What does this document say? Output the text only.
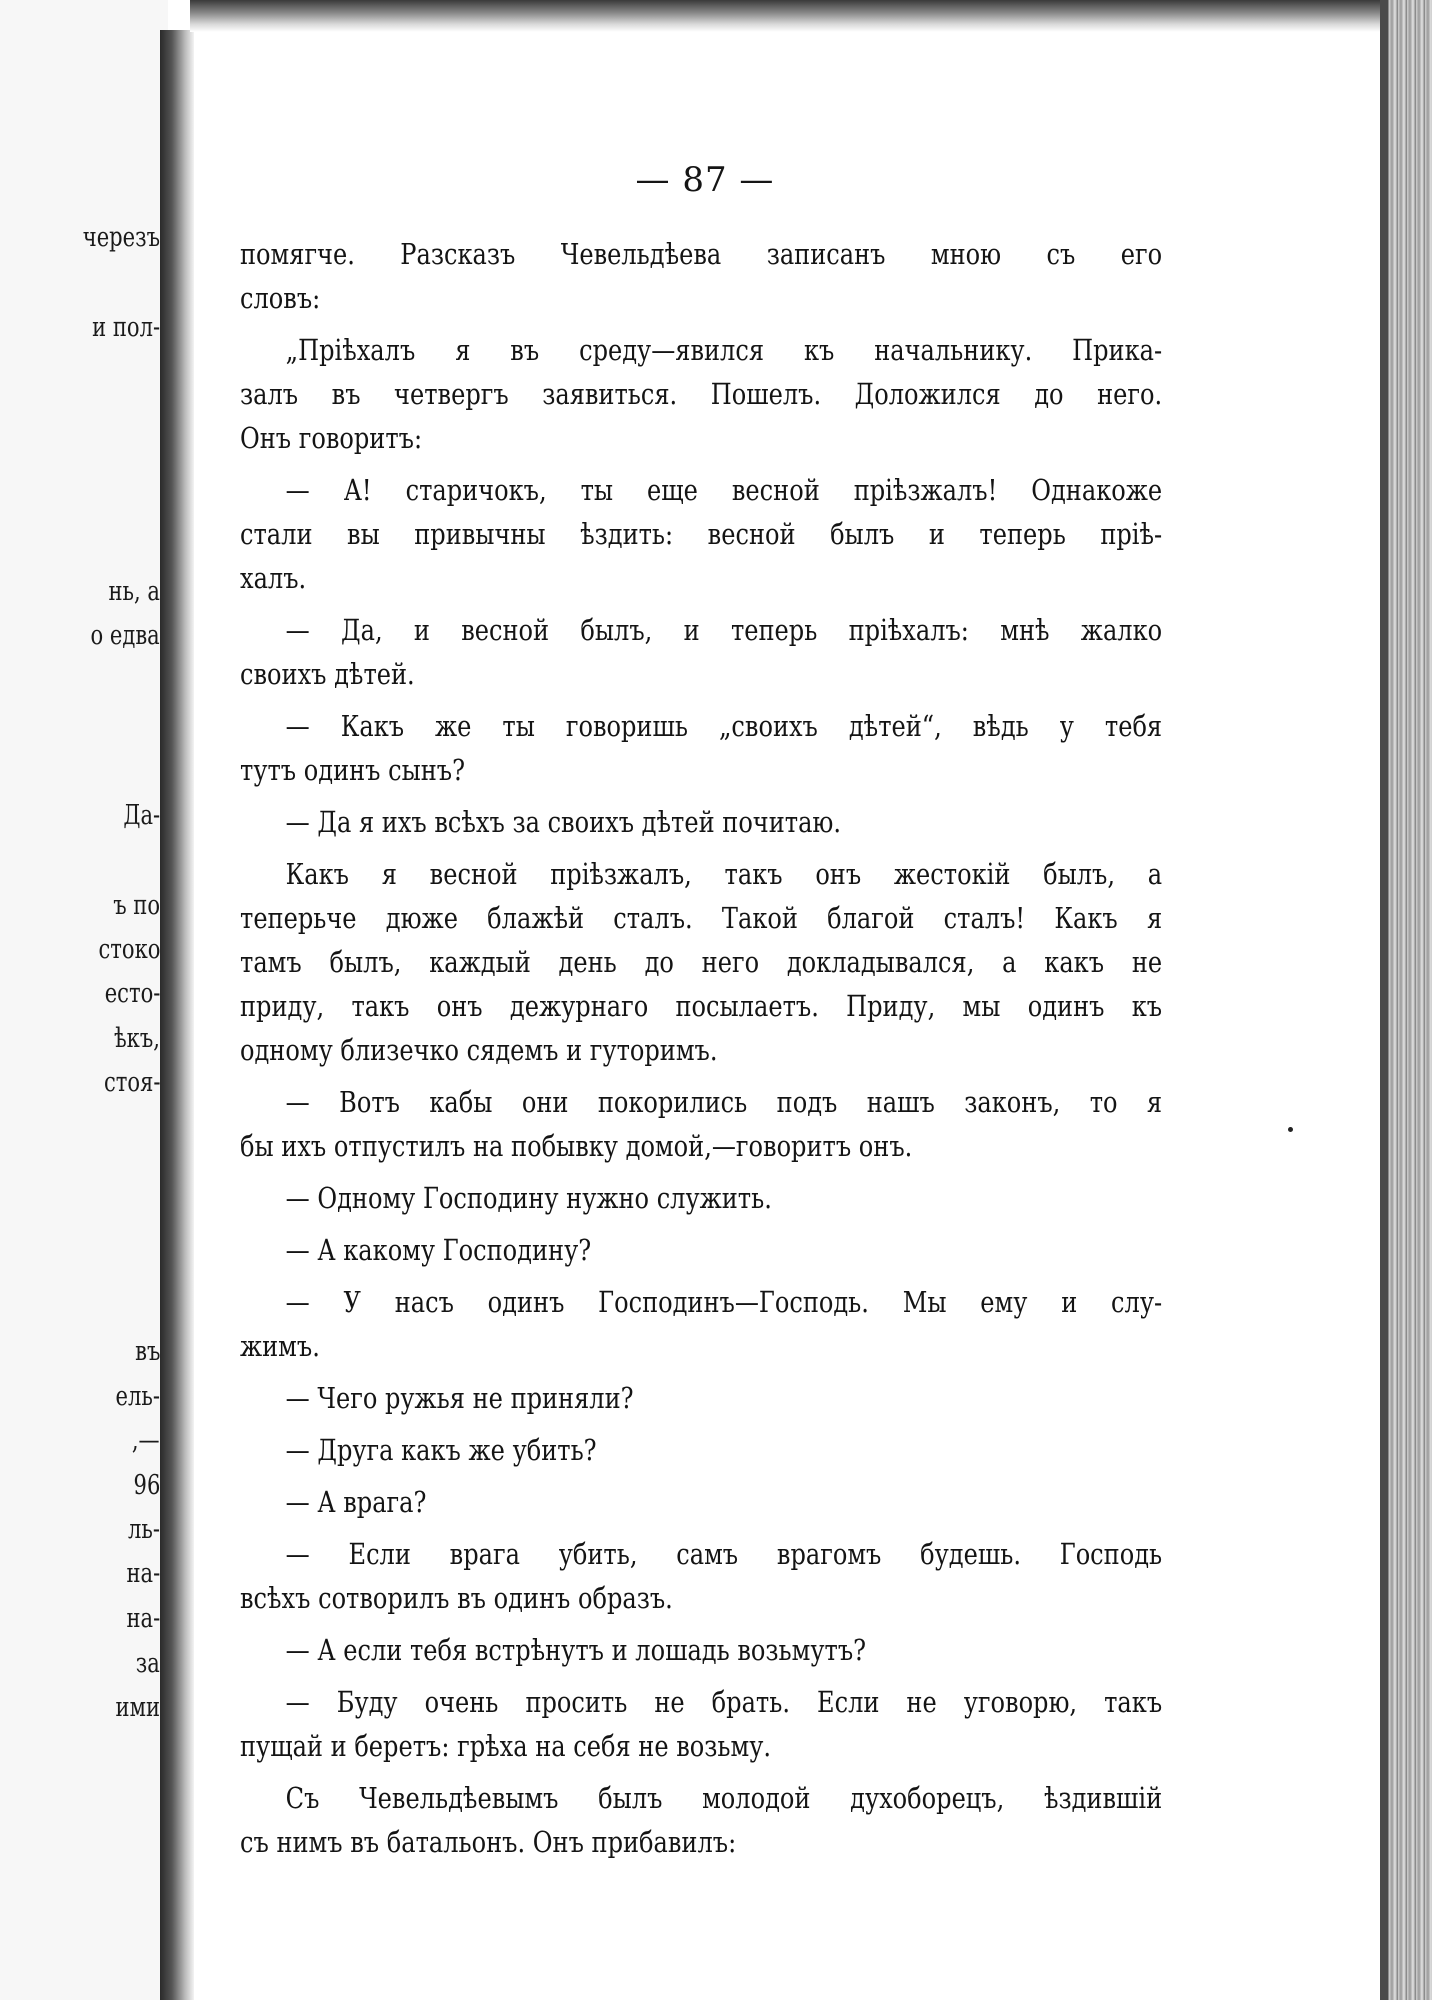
черезъ

и пол-

нь, а

о едва

Да-

ъ по

стоко

есто-

ѣкъ,

стоя-

въ

ель-

,—

96

ль-

на-

на-

за

ими

— 87 —

помягче. Разсказъ Чевельдѣева записанъ мною съ его

словъ:

„Пріѣхалъ я въ среду—явился къ начальнику. Прика-

залъ въ четвергъ заявиться. Пошелъ. Доложился до него.

Онъ говоритъ:

— А! старичокъ, ты еще весной пріѣзжалъ! Однакоже

стали вы привычны ѣздить: весной былъ и теперь пріѣ-

халъ.

— Да, и весной былъ, и теперь пріѣхалъ: мнѣ жалко

своихъ дѣтей.

— Какъ же ты говоришь „своихъ дѣтей“, вѣдь у тебя

тутъ одинъ сынъ?

— Да я ихъ всѣхъ за своихъ дѣтей почитаю.

Какъ я весной пріѣзжалъ, такъ онъ жестокій былъ, а

теперьче дюже блажѣй сталъ. Такой благой сталъ! Какъ я

тамъ былъ, каждый день до него докладывался, а какъ не

приду, такъ онъ дежурнаго посылаетъ. Приду, мы одинъ къ

одному близечко сядемъ и гуторимъ.

— Вотъ кабы они покорились подъ нашъ законъ, то я

бы ихъ отпустилъ на побывку домой,—говоритъ онъ.

— Одному Господину нужно служить.

— А какому Господину?

— У насъ одинъ Господинъ—Господь. Мы ему и слу-

жимъ.

— Чего ружья не приняли?

— Друга какъ же убить?

— А врага?

— Если врага убить, самъ врагомъ будешь. Господь

всѣхъ сотворилъ въ одинъ образъ.

— А если тебя встрѣнутъ и лошадь возьмутъ?

— Буду очень просить не брать. Если не уговорю, такъ

пущай и беретъ: грѣха на себя не возьму.

Съ Чевельдѣевымъ былъ молодой духоборецъ, ѣздившій

съ нимъ въ батальонъ. Онъ прибавилъ:
